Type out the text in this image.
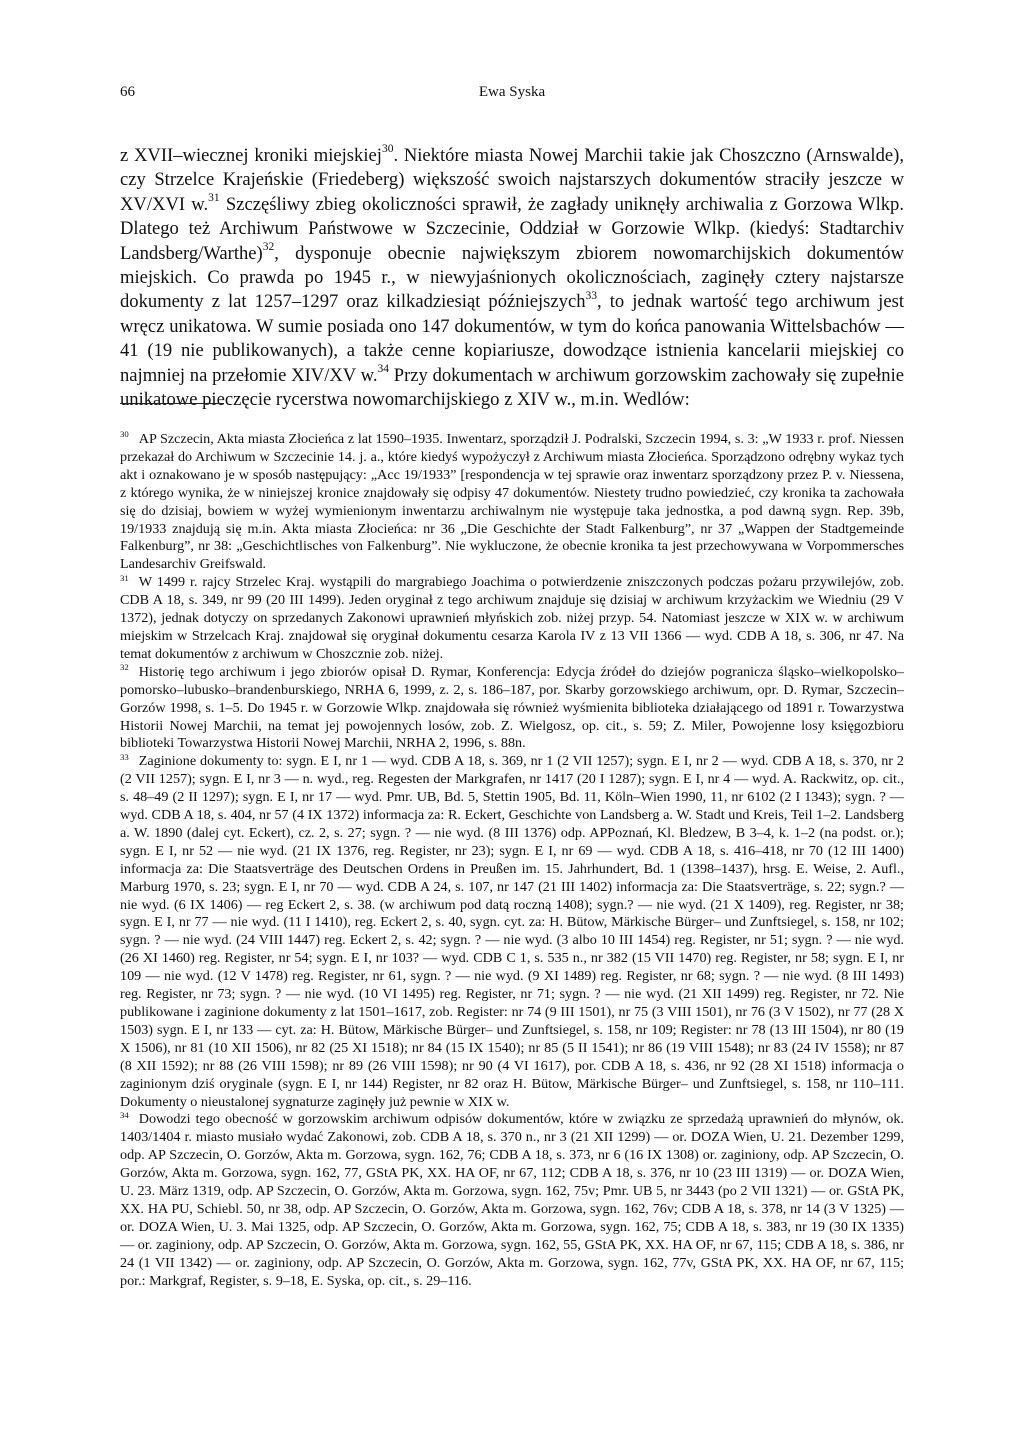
66	Ewa Syska

z XVII–wiecznej kroniki miejskiej$^{30}$. Niektóre miasta Nowej Marchii takie jak Choszczno (Arnswalde), czy Strzelce Krajeńskie (Friedeberg) większość swoich najstarszych dokumentów straciły jeszcze w XV/XVI w.$^{31}$ Szczęśliwy zbieg okoliczności sprawił, że zagłady uniknęły archiwalia z Gorzowa Wlkp. Dlatego też Archiwum Państwowe w Szczecinie, Oddział w Gorzowie Wlkp. (kiedyś: Stadtarchiv Landsberg/Warthe)$^{32}$, dysponuje obecnie największym zbiorem nowomarchijskich dokumentów miejskich. Co prawda po 1945 r., w niewyjaśnionych okolicznościach, zaginęły cztery najstarsze dokumenty z lat 1257–1297 oraz kilkadziesiąt późniejszych$^{33}$, to jednak wartość tego archiwum jest wręcz unikatowa. W sumie posiada ono 147 dokumentów, w tym do końca panowania Wittelsbachów — 41 (19 nie publikowanych), a także cenne kopiariusze, dowodzące istnienia kancelarii miejskiej co najmniej na przełomie XIV/XV w.$^{34}$ Przy dokumentach w archiwum gorzowskim zachowały się zupełnie unikatowe pieczęcie rycerstwa nowomarchijskiego z XIV w., m.in. Wedlów:

$^{30}$ AP Szczecin, Akta miasta Złocieńca z lat 1590–1935. Inwentarz, sporządził J. Podralski, Szczecin 1994, s. 3: „W 1933 r. prof. Niessen przekazał do Archiwum w Szczecinie 14. j. a., które kiedyś wypożyczył z Archiwum miasta Złocieńca. Sporządzono odrębny wykaz tych akt i oznakowano je w sposób następujący: „Acc 19/1933” [respondencja w tej sprawie oraz inwentarz sporządzony przez P. v. Niessena, z którego wynika, że w niniejszej kronice znajdowały się odpisy 47 dokumentów. Niestety trudno powiedzieć, czy kronika ta zachowała się do dzisiaj, bowiem w wyżej wymienionym inwentarzu archiwalnym nie występuje taka jednostka, a pod dawną sygn. Rep. 39b, 19/1933 znajdują się m.in. Akta miasta Złocieńca: nr 36 „Die Geschichte der Stadt Falkenburg”, nr 37 „Wappen der Stadtgemeinde Falkenburg”, nr 38: „Geschichtlisches von Falkenburg”. Nie wykluczone, że obecnie kronika ta jest przechowywana w Vorpommersches Landesarchiv Greifswald.

$^{31}$ W 1499 r. rajcy Strzelec Kraj. wystąpili do margrabiego Joachima o potwierdzenie zniszczonych podczas pożaru przywilejów, zob. CDB A 18, s. 349, nr 99 (20 III 1499). Jeden oryginał z tego archiwum znajduje się dzisiaj w archiwum krzyżackim we Wiedniu (29 V 1372), jednak dotyczy on sprzedanych Zakonowi uprawnień młyńskich zob. niżej przyp. 54. Natomiast jeszcze w XIX w. w archiwum miejskim w Strzelcach Kraj. znajdował się oryginał dokumentu cesarza Karola IV z 13 VII 1366 — wyd. CDB A 18, s. 306, nr 47. Na temat dokumentów z archiwum w Choszcznie zob. niżej.

$^{32}$ Historię tego archiwum i jego zbiorów opisał D. Rymar, Konferencja: Edycja źródeł do dziejów pogranicza śląsko–wielkopolsko–pomorsko–lubusko–brandenburskiego, NRHA 6, 1999, z. 2, s. 186–187, por. Skarby gorzowskiego archiwum, opr. D. Rymar, Szczecin–Gorzów 1998, s. 1–5. Do 1945 r. w Gorzowie Wlkp. znajdowała się również wyśmienita biblioteka działającego od 1891 r. Towarzystwa Historii Nowej Marchii, na temat jej powojennych losów, zob. Z. Wielgosz, op. cit., s. 59; Z. Miler, Powojenne losy księgozbioru biblioteki Towarzystwa Historii Nowej Marchii, NRHA 2, 1996, s. 88n.

$^{33}$ Zaginione dokumenty to: sygn. E I, nr 1 — wyd. CDB A 18, s. 369, nr 1 (2 VII 1257); sygn. E I, nr 2 — wyd. CDB A 18, s. 370, nr 2 (2 VII 1257); sygn. E I, nr 3 — n. wyd., reg. Regesten der Markgrafen, nr 1417 (20 I 1287); sygn. E I, nr 4 — wyd. A. Rackwitz, op. cit., s. 48–49 (2 II 1297); sygn. E I, nr 17 — wyd. Pmr. UB, Bd. 5, Stettin 1905, Bd. 11, Köln–Wien 1990, 11, nr 6102 (2 I 1343); sygn. ? — wyd. CDB A 18, s. 404, nr 57 (4 IX 1372) informacja za: R. Eckert, Geschichte von Landsberg a. W. Stadt und Kreis, Teil 1–2. Landsberg a. W. 1890 (dalej cyt. Eckert), cz. 2, s. 27; sygn. ? — nie wyd. (8 III 1376) odp. APPoznań, Kl. Bledzew, B 3–4, k. 1–2 (na podst. or.); sygn. E I, nr 52 — nie wyd. (21 IX 1376, reg. Register, nr 23); sygn. E I, nr 69 — wyd. CDB A 18, s. 416–418, nr 70 (12 III 1400) informacja za: Die Staatsverträge des Deutschen Ordens in Preußen im. 15. Jahrhundert, Bd. 1 (1398–1437), hrsg. E. Weise, 2. Aufl., Marburg 1970, s. 23; sygn. E I, nr 70 — wyd. CDB A 24, s. 107, nr 147 (21 III 1402) informacja za: Die Staatsverträge, s. 22; sygn.? — nie wyd. (6 IX 1406) — reg Eckert 2, s. 38. (w archiwum pod datą roczną 1408); sygn.? — nie wyd. (21 X 1409), reg. Register, nr 38; sygn. E I, nr 77 — nie wyd. (11 I 1410), reg. Eckert 2, s. 40, sygn. cyt. za: H. Bütow, Märkische Bürger– und Zunftsiegel, s. 158, nr 102; sygn. ? — nie wyd. (24 VIII 1447) reg. Eckert 2, s. 42; sygn. ? — nie wyd. (3 albo 10 III 1454) reg. Register, nr 51; sygn. ? — nie wyd. (26 XI 1460) reg. Register, nr 54; sygn. E I, nr 103? — wyd. CDB C 1, s. 535 n., nr 382 (15 VII 1470) reg. Register, nr 58; sygn. E I, nr 109 — nie wyd. (12 V 1478) reg. Register, nr 61, sygn. ? — nie wyd. (9 XI 1489) reg. Register, nr 68; sygn. ? — nie wyd. (8 III 1493) reg. Register, nr 73; sygn. ? — nie wyd. (10 VI 1495) reg. Register, nr 71; sygn. ? — nie wyd. (21 XII 1499) reg. Register, nr 72. Nie publikowane i zaginione dokumenty z lat 1501–1617, zob. Register: nr 74 (9 III 1501), nr 75 (3 VIII 1501), nr 76 (3 V 1502), nr 77 (28 X 1503) sygn. E I, nr 133 — cyt. za: H. Bütow, Märkische Bürger– und Zunftsiegel, s. 158, nr 109; Register: nr 78 (13 III 1504), nr 80 (19 X 1506), nr 81 (10 XII 1506), nr 82 (25 XI 1518); nr 84 (15 IX 1540); nr 85 (5 II 1541); nr 86 (19 VIII 1548); nr 83 (24 IV 1558); nr 87 (8 XII 1592); nr 88 (26 VIII 1598); nr 89 (26 VIII 1598); nr 90 (4 VI 1617), por. CDB A 18, s. 436, nr 92 (28 XI 1518) informacja o zaginionym dziś oryginale (sygn. E I, nr 144) Register, nr 82 oraz H. Bütow, Märkische Bürger– und Zunftsiegel, s. 158, nr 110–111. Dokumenty o nieustalonej sygnaturze zaginęły już pewnie w XIX w.

$^{34}$ Dowodzi tego obecność w gorzowskim archiwum odpisów dokumentów, które w związku ze sprzedażą uprawnień do młynów, ok. 1403/1404 r. miasto musiało wydać Zakonowi, zob. CDB A 18, s. 370 n., nr 3 (21 XII 1299) — or. DOZA Wien, U. 21. Dezember 1299, odp. AP Szczecin, O. Gorzów, Akta m. Gorzowa, sygn. 162, 76; CDB A 18, s. 373, nr 6 (16 IX 1308) or. zaginiony, odp. AP Szczecin, O. Gorzów, Akta m. Gorzowa, sygn. 162, 77, GStA PK, XX. HA OF, nr 67, 112; CDB A 18, s. 376, nr 10 (23 III 1319) — or. DOZA Wien, U. 23. März 1319, odp. AP Szczecin, O. Gorzów, Akta m. Gorzowa, sygn. 162, 75v; Pmr. UB 5, nr 3443 (po 2 VII 1321) — or. GStA PK, XX. HA PU, Schiebl. 50, nr 38, odp. AP Szczecin, O. Gorzów, Akta m. Gorzowa, sygn. 162, 76v; CDB A 18, s. 378, nr 14 (3 V 1325) — or. DOZA Wien, U. 3. Mai 1325, odp. AP Szczecin, O. Gorzów, Akta m. Gorzowa, sygn. 162, 75; CDB A 18, s. 383, nr 19 (30 IX 1335) — or. zaginiony, odp. AP Szczecin, O. Gorzów, Akta m. Gorzowa, sygn. 162, 55, GStA PK, XX. HA OF, nr 67, 115; CDB A 18, s. 386, nr 24 (1 VII 1342) — or. zaginiony, odp. AP Szczecin, O. Gorzów, Akta m. Gorzowa, sygn. 162, 77v, GStA PK, XX. HA OF, nr 67, 115; por.: Markgraf, Register, s. 9–18, E. Syska, op. cit., s. 29–116.
